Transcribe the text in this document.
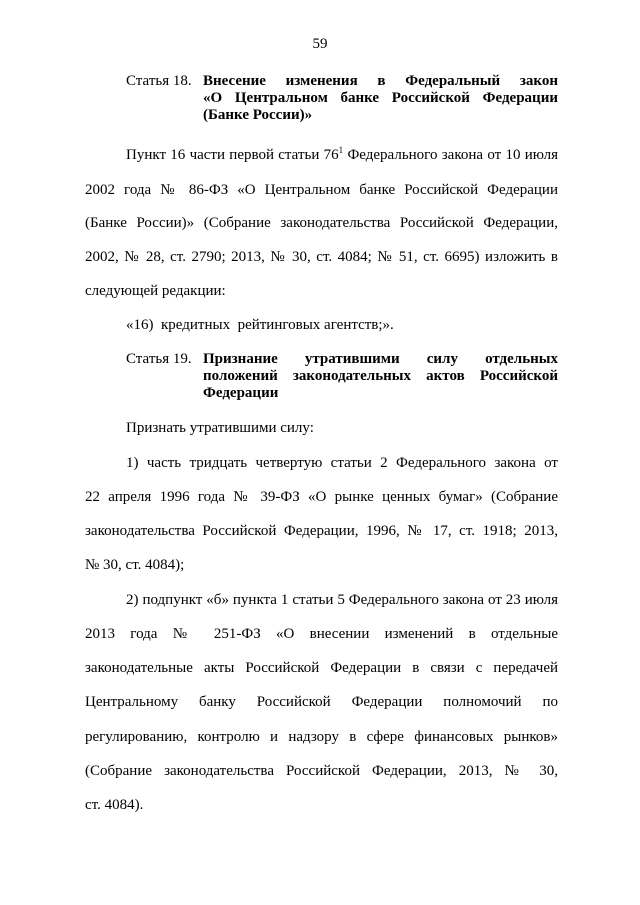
59
Статья 18. Внесение изменения в Федеральный закон
«О Центральном банке Российской Федерации
(Банке России)»
Пункт 16 части первой статьи $76^1$ Федерального закона от 10 июля
2002 года № 86-ФЗ «О Центральном банке Российской Федерации
(Банке России)» (Собрание законодательства Российской Федерации,
2002, № 28, ст. 2790; 2013, № 30, ст. 4084; № 51, ст. 6695) изложить в
следующей редакции:
«16)  кредитных  рейтинговых агентств;».
Статья 19. Признание утратившими силу отдельных
положений законодательных актов Российской
Федерации
Признать утратившими силу:
1) часть тридцать четвертую статьи 2 Федерального закона от
22 апреля 1996 года № 39-ФЗ «О рынке ценных бумаг» (Собрание
законодательства Российской Федерации, 1996, № 17, ст. 1918; 2013,
№ 30, ст. 4084);
2) подпункт «б» пункта 1 статьи 5 Федерального закона от 23 июля
2013 года № 251-ФЗ «О внесении изменений в отдельные
законодательные акты Российской Федерации в связи с передачей
Центральному банку Российской Федерации полномочий по
регулированию, контролю и надзору в сфере финансовых рынков»
(Собрание законодательства Российской Федерации, 2013, № 30,
ст. 4084).
